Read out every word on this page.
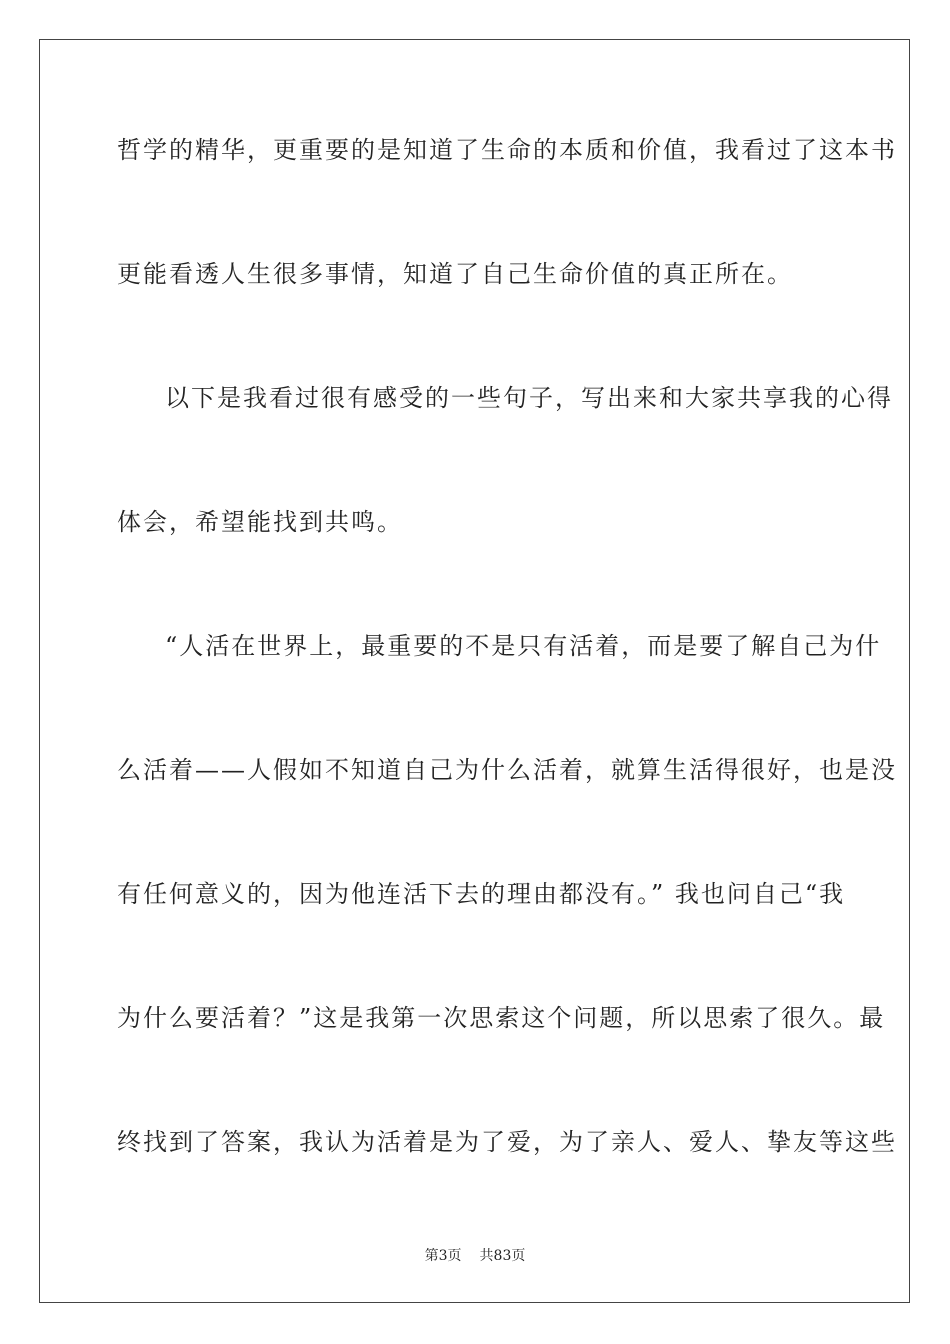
哲学的精华，更重要的是知道了生命的本质和价值，我看过了这本书
更能看透人生很多事情，知道了自己生命价值的真正所在。
以下是我看过很有感受的一些句子，写出来和大家共享我的心得
体会，希望能找到共鸣。
“人活在世界上，最重要的不是只有活着，而是要了解自己为什
么活着——人假如不知道自己为什么活着，就算生活得很好，也是没
有任何意义的，因为他连活下去的理由都没有。” 我也问自己“我
为什么要活着？”这是我第一次思索这个问题，所以思索了很久。最
终找到了答案，我认为活着是为了爱，为了亲人、爱人、挚友等这些
第3页 共83页
